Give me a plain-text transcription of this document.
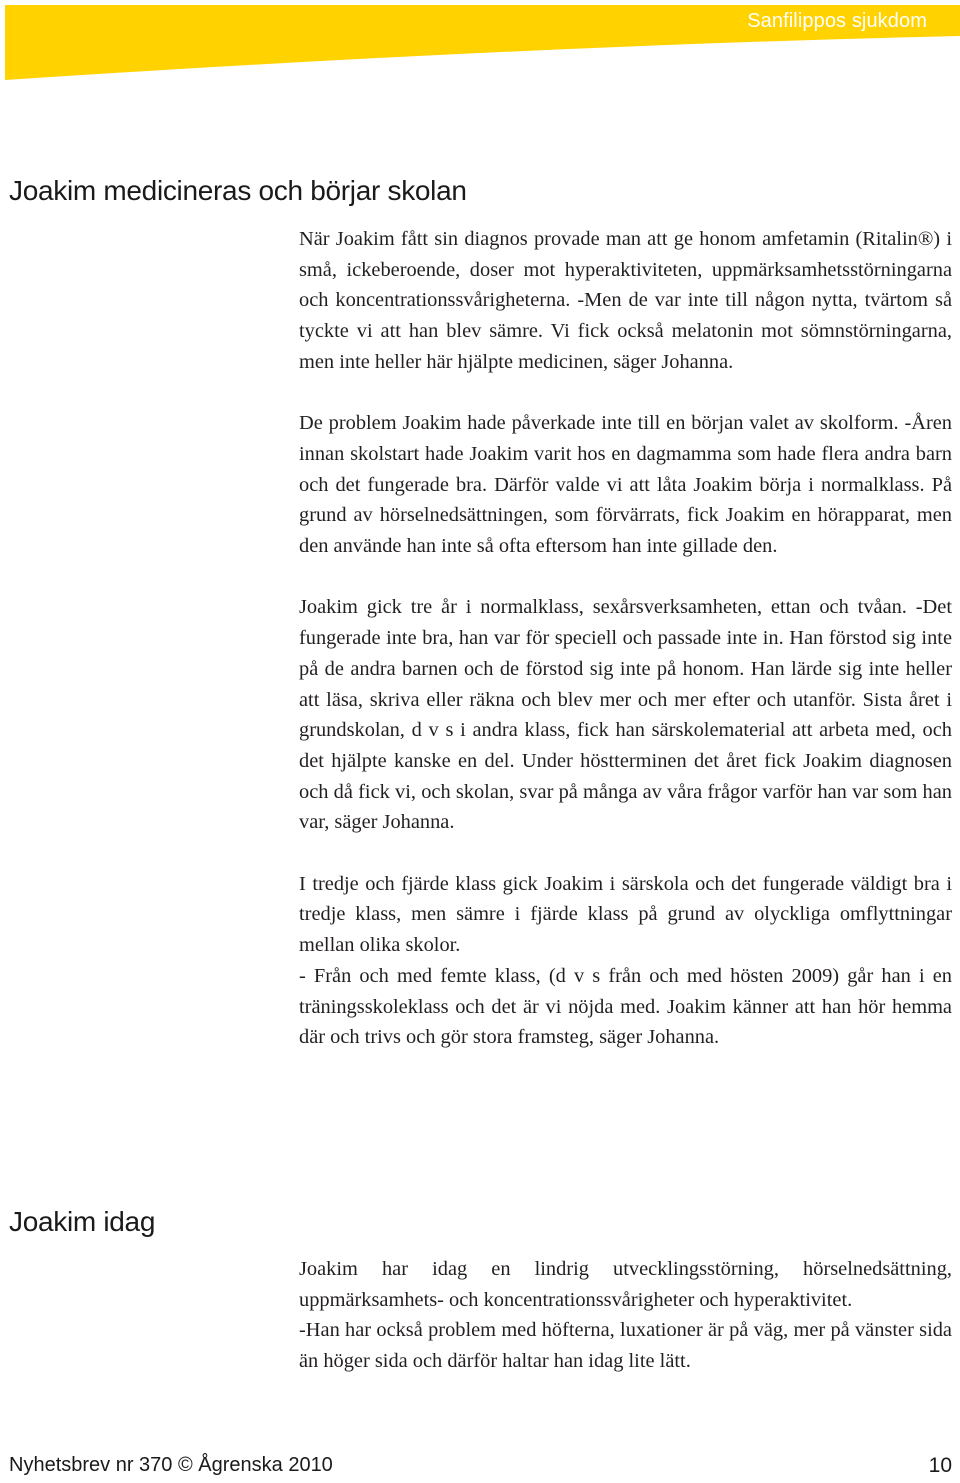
Sanfilippos sjukdom
Joakim medicineras och börjar skolan

När Joakim fått sin diagnos provade man att ge honom amfetamin (Ritalin®) i små, ickeberoende, doser mot hyperaktiviteten, uppmärksamhetsstörningarna och koncentrationssvårigheterna. -Men de var inte till någon nytta, tvärtom så tyckte vi att han blev sämre. Vi fick också melatonin mot sömnstörningarna, men inte heller här hjälpte medicinen, säger Johanna.

De problem Joakim hade påverkade inte till en början valet av skolform. -Åren innan skolstart hade Joakim varit hos en dagmamma som hade flera andra barn och det fungerade bra. Därför valde vi att låta Joakim börja i normalklass. På grund av hörselnedsättningen, som förvärrats, fick Joakim en hörapparat, men den använde han inte så ofta eftersom han inte gillade den.

Joakim gick tre år i normalklass, sexårsverksamheten, ettan och tvåan. -Det fungerade inte bra, han var för speciell och passade inte in. Han förstod sig inte på de andra barnen och de förstod sig inte på honom. Han lärde sig inte heller att läsa, skriva eller räkna och blev mer och mer efter och utanför. Sista året i grundskolan, d v s i andra klass, fick han särskolematerial att arbeta med, och det hjälpte kanske en del. Under höstterminen det året fick Joakim diagnosen och då fick vi, och skolan, svar på många av våra frågor varför han var som han var, säger Johanna.

I tredje och fjärde klass gick Joakim i särskola och det fungerade väldigt bra i tredje klass, men sämre i fjärde klass på grund av olyckliga omflyttningar mellan olika skolor.

- Från och med femte klass, (d v s från och med hösten 2009) går han i en träningsskoleklass och det är vi nöjda med. Joakim känner att han hör hemma där och trivs och gör stora framsteg, säger Johanna.

Joakim idag

Joakim har idag en lindrig utvecklingsstörning, hörselnedsättning, uppmärksamhets- och koncentrationssvårigheter och hyperaktivitet.

-Han har också problem med höfterna, luxationer är på väg, mer på vänster sida än höger sida och därför haltar han idag lite lätt.

Nyhetsbrev nr 370 © Ågrenska 2010	10
